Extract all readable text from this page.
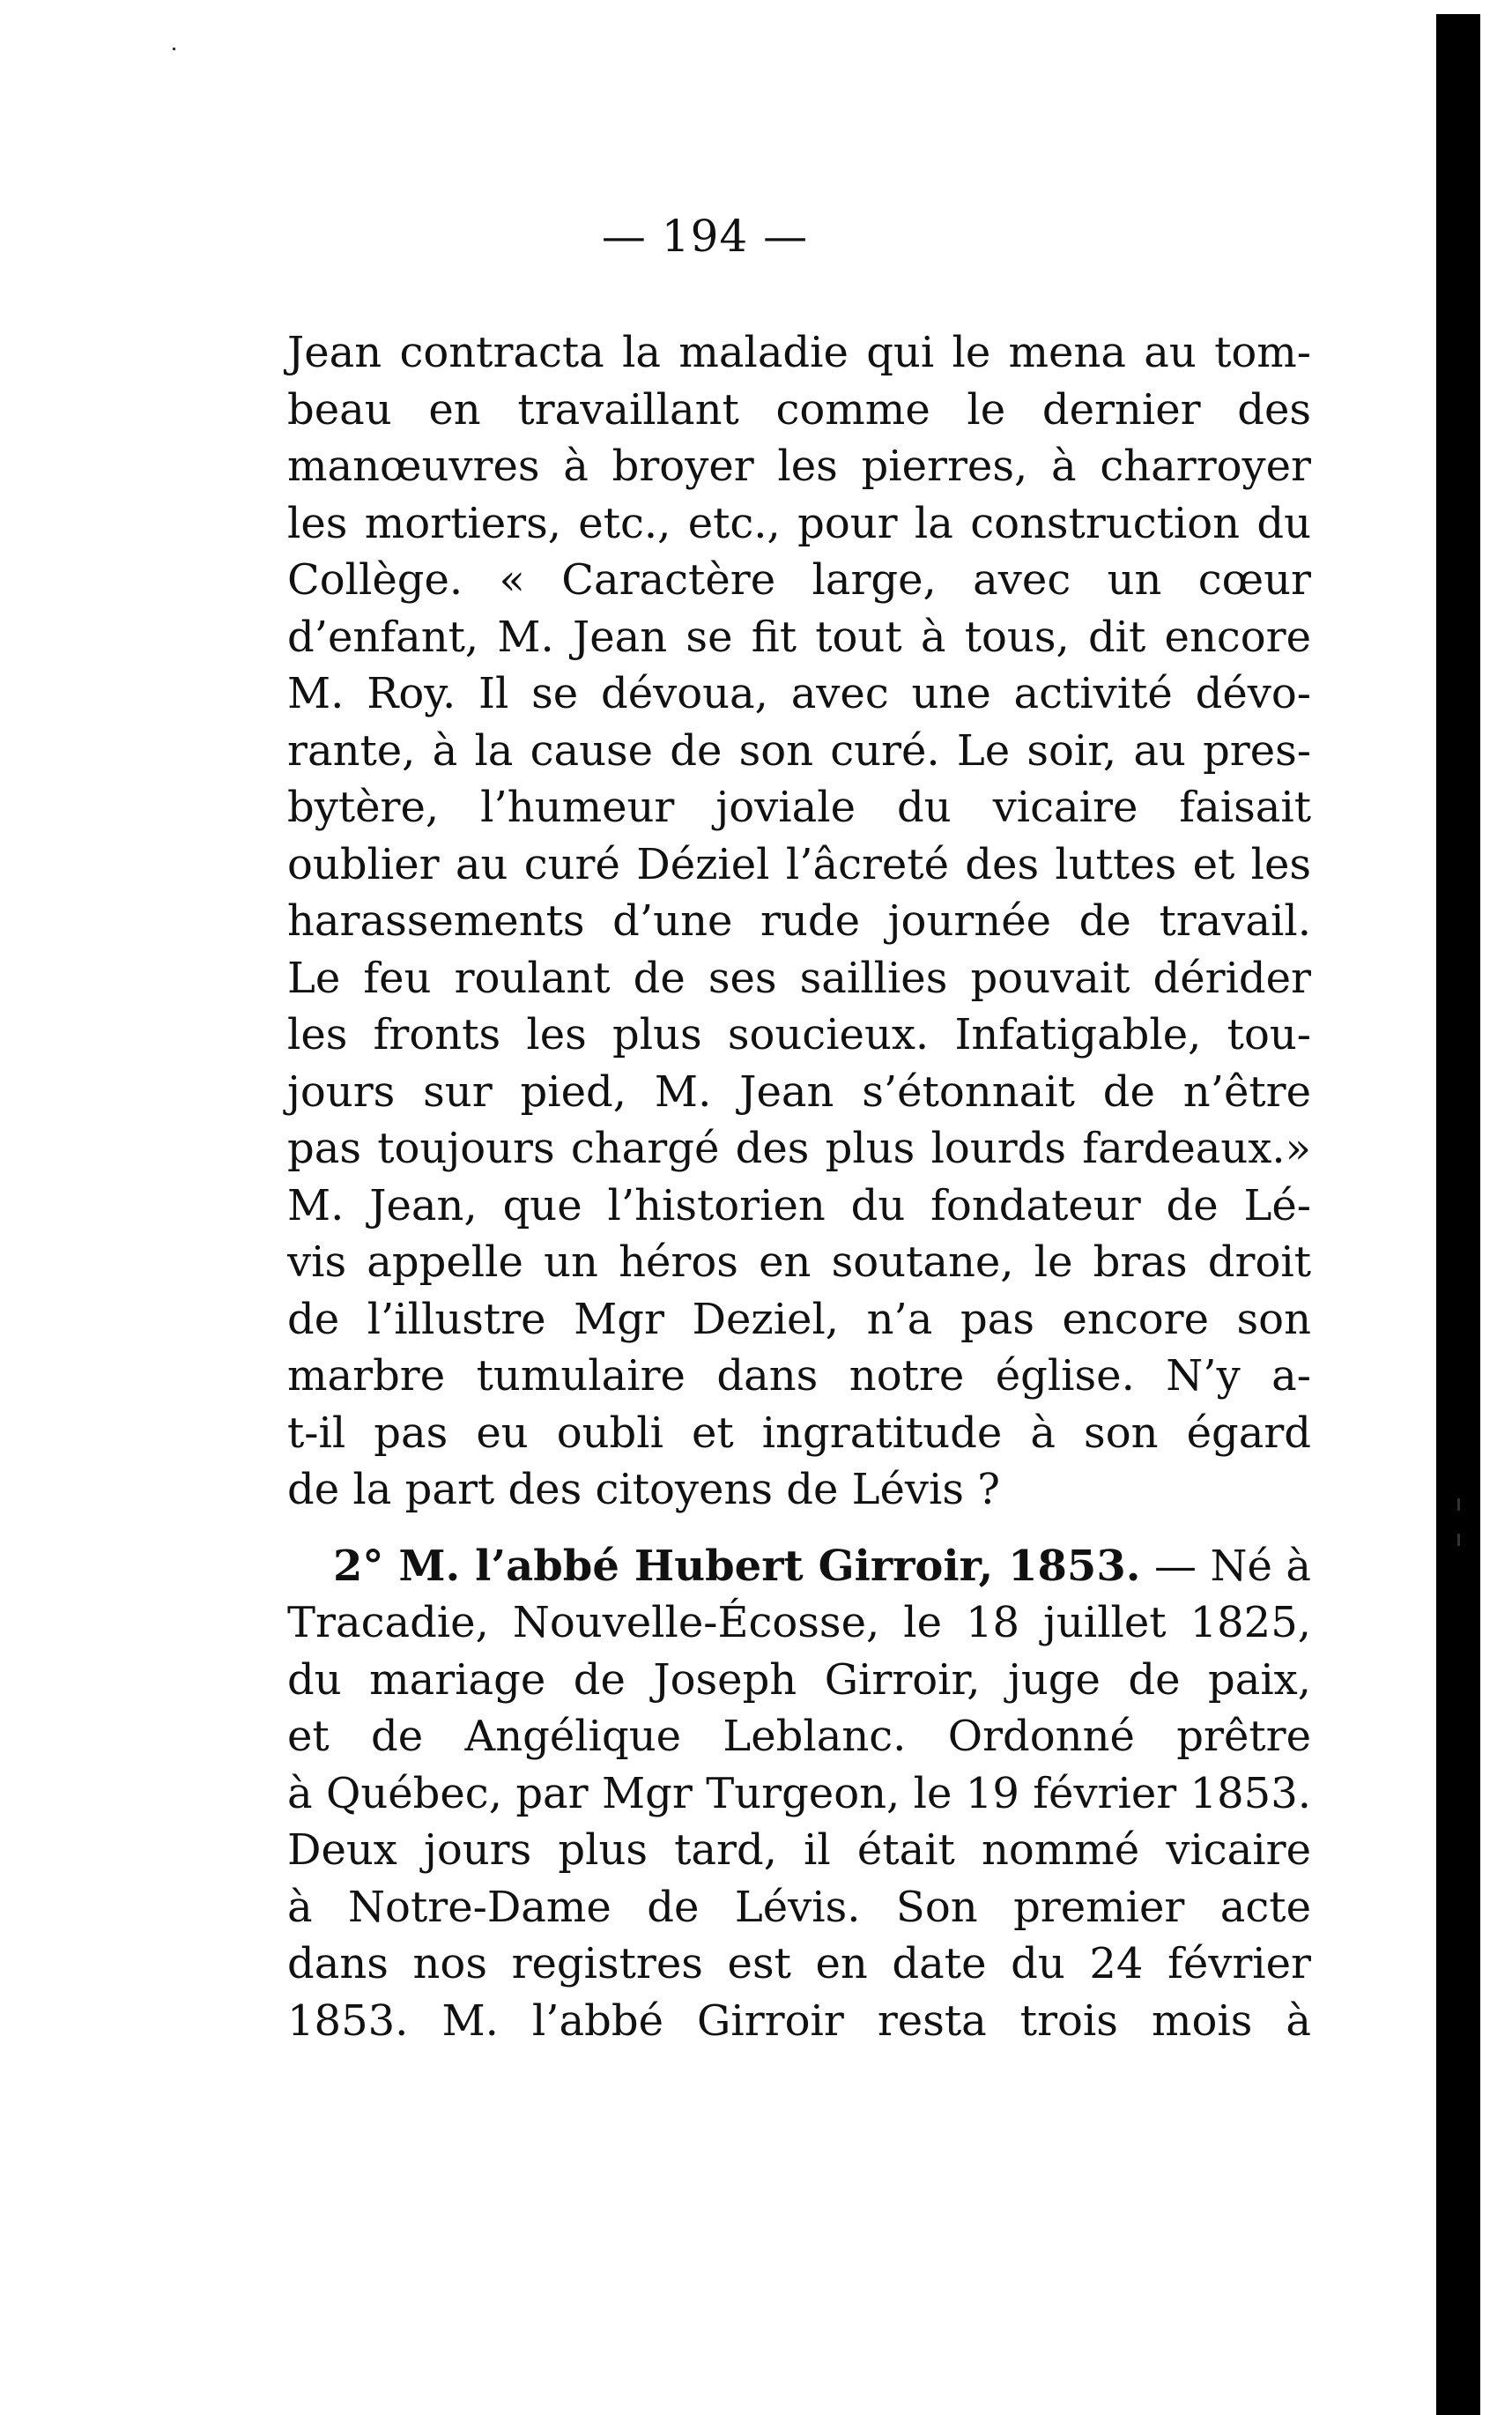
— 194 —
Jean contracta la maladie qui le mena au tom-
beau en travaillant comme le dernier des
manœuvres à broyer les pierres, à charroyer
les mortiers, etc., etc., pour la construction du
Collège. « Caractère large, avec un cœur
d’enfant, M. Jean se fit tout à tous, dit encore
M. Roy. Il se dévoua, avec une activité dévo-
rante, à la cause de son curé. Le soir, au pres-
bytère, l’humeur joviale du vicaire faisait
oublier au curé Déziel l’âcreté des luttes et les
harassements d’une rude journée de travail.
Le feu roulant de ses saillies pouvait dérider
les fronts les plus soucieux. Infatigable, tou-
jours sur pied, M. Jean s’étonnait de n’être
pas toujours chargé des plus lourds fardeaux.»
M. Jean, que l’historien du fondateur de Lé-
vis appelle un héros en soutane, le bras droit
de l’illustre Mgr Deziel, n’a pas encore son
marbre tumulaire dans notre église. N’y a-
t-il pas eu oubli et ingratitude à son égard
de la part des citoyens de Lévis ?
2° M. l’abbé Hubert Girroir, 1853. — Né à
Tracadie, Nouvelle-Écosse, le 18 juillet 1825,
du mariage de Joseph Girroir, juge de paix,
et de Angélique Leblanc. Ordonné prêtre
à Québec, par Mgr Turgeon, le 19 février 1853.
Deux jours plus tard, il était nommé vicaire
à Notre-Dame de Lévis. Son premier acte
dans nos registres est en date du 24 février
1853. M. l’abbé Girroir resta trois mois à
